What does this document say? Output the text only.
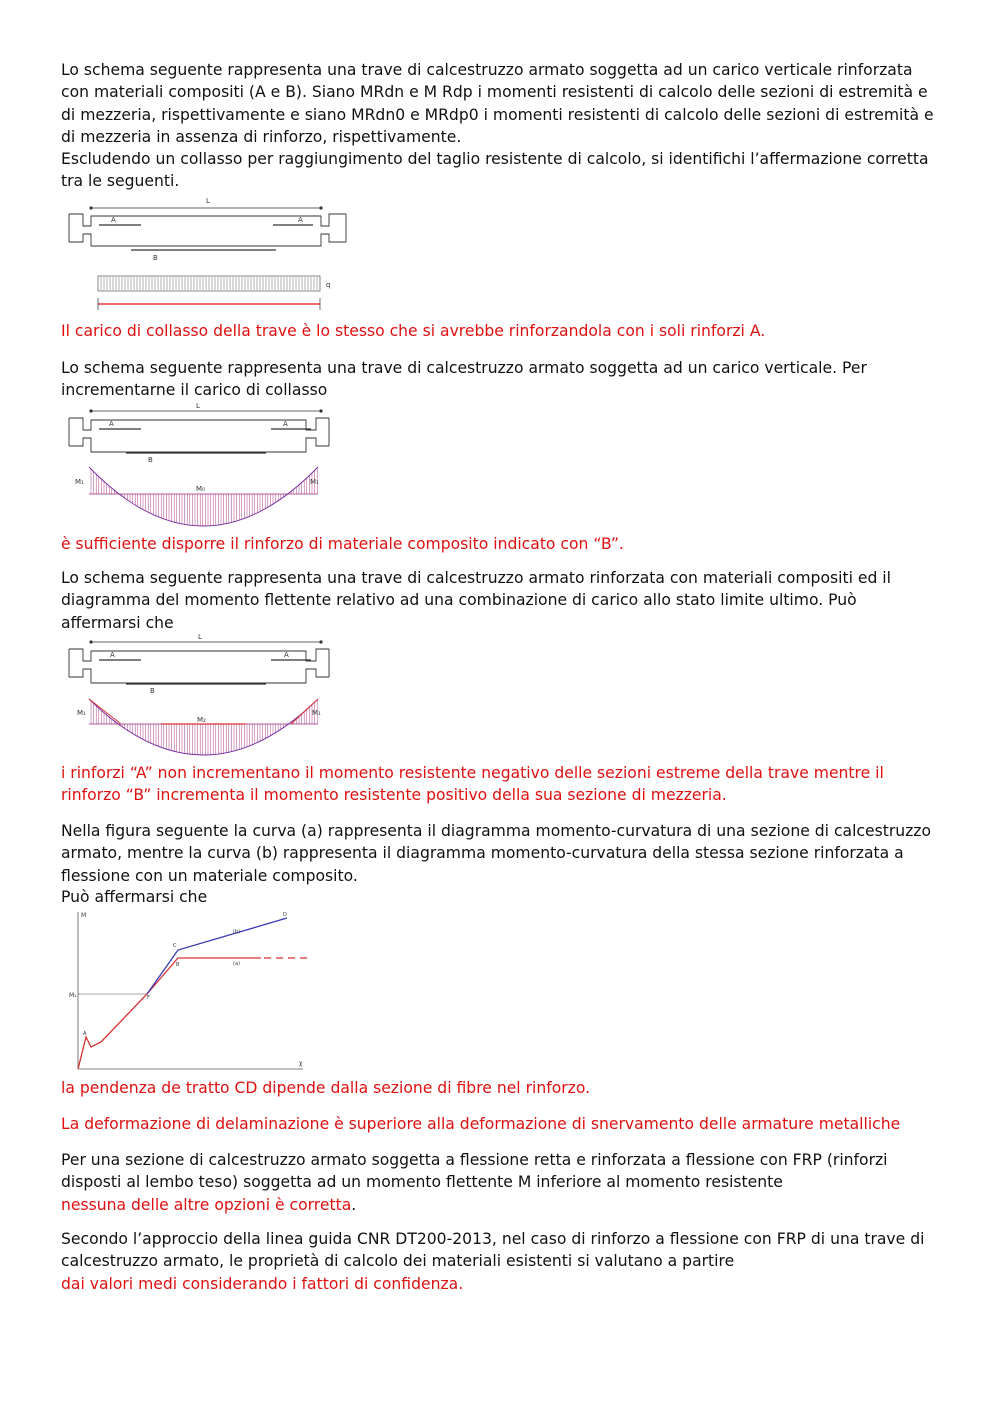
Lo schema seguente rappresenta una trave di calcestruzzo armato soggetta ad un carico verticale rinforzata con materiali compositi (A e B). Siano MRdn e M Rdp i momenti resistenti di calcolo delle sezioni di estremità e di mezzeria, rispettivamente e siano MRdn0 e MRdp0 i momenti resistenti di calcolo delle sezioni di estremità e di mezzeria in assenza di rinforzo, rispettivamente.
Escludendo un collasso per raggiungimento del taglio resistente di calcolo, si identifichi l’affermazione corretta tra le seguenti.
L
A	A
B
q
Il carico di collasso della trave è lo stesso che si avrebbe rinforzandola con i soli rinforzi A.
Lo schema seguente rappresenta una trave di calcestruzzo armato soggetta ad un carico verticale. Per incrementarne il carico di collasso
L
A	A
B
M₁	M₁
M₀
è sufficiente disporre il rinforzo di materiale composito indicato con “B”.
Lo schema seguente rappresenta una trave di calcestruzzo armato rinforzata con materiali compositi ed il diagramma del momento flettente relativo ad una combinazione di carico allo stato limite ultimo. Può affermarsi che
L
A	A
B
M₁	M₁
M₂
i rinforzi “A” non incrementano il momento resistente negativo delle sezioni estreme della trave mentre il rinforzo “B” incrementa il momento resistente positivo della sua sezione di mezzeria.
Nella figura seguente la curva (a) rappresenta il diagramma momento-curvatura di una sezione di calcestruzzo armato, mentre la curva (b) rappresenta il diagramma momento-curvatura della stessa sezione rinforzata a flessione con un materiale composito.
Può affermarsi che
M
χ
M₁
A
F
B
C
D
(b)
(a)
la pendenza de tratto CD dipende dalla sezione di fibre nel rinforzo.
La deformazione di delaminazione è superiore alla deformazione di snervamento delle armature metalliche
Per una sezione di calcestruzzo armato soggetta a flessione retta e rinforzata a flessione con FRP (rinforzi disposti al lembo teso) soggetta ad un momento flettente M inferiore al momento resistente
nessuna delle altre opzioni è corretta.
Secondo l’approccio della linea guida CNR DT200-2013, nel caso di rinforzo a flessione con FRP di una trave di calcestruzzo armato, le proprietà di calcolo dei materiali esistenti si valutano a partire
dai valori medi considerando i fattori di confidenza.
